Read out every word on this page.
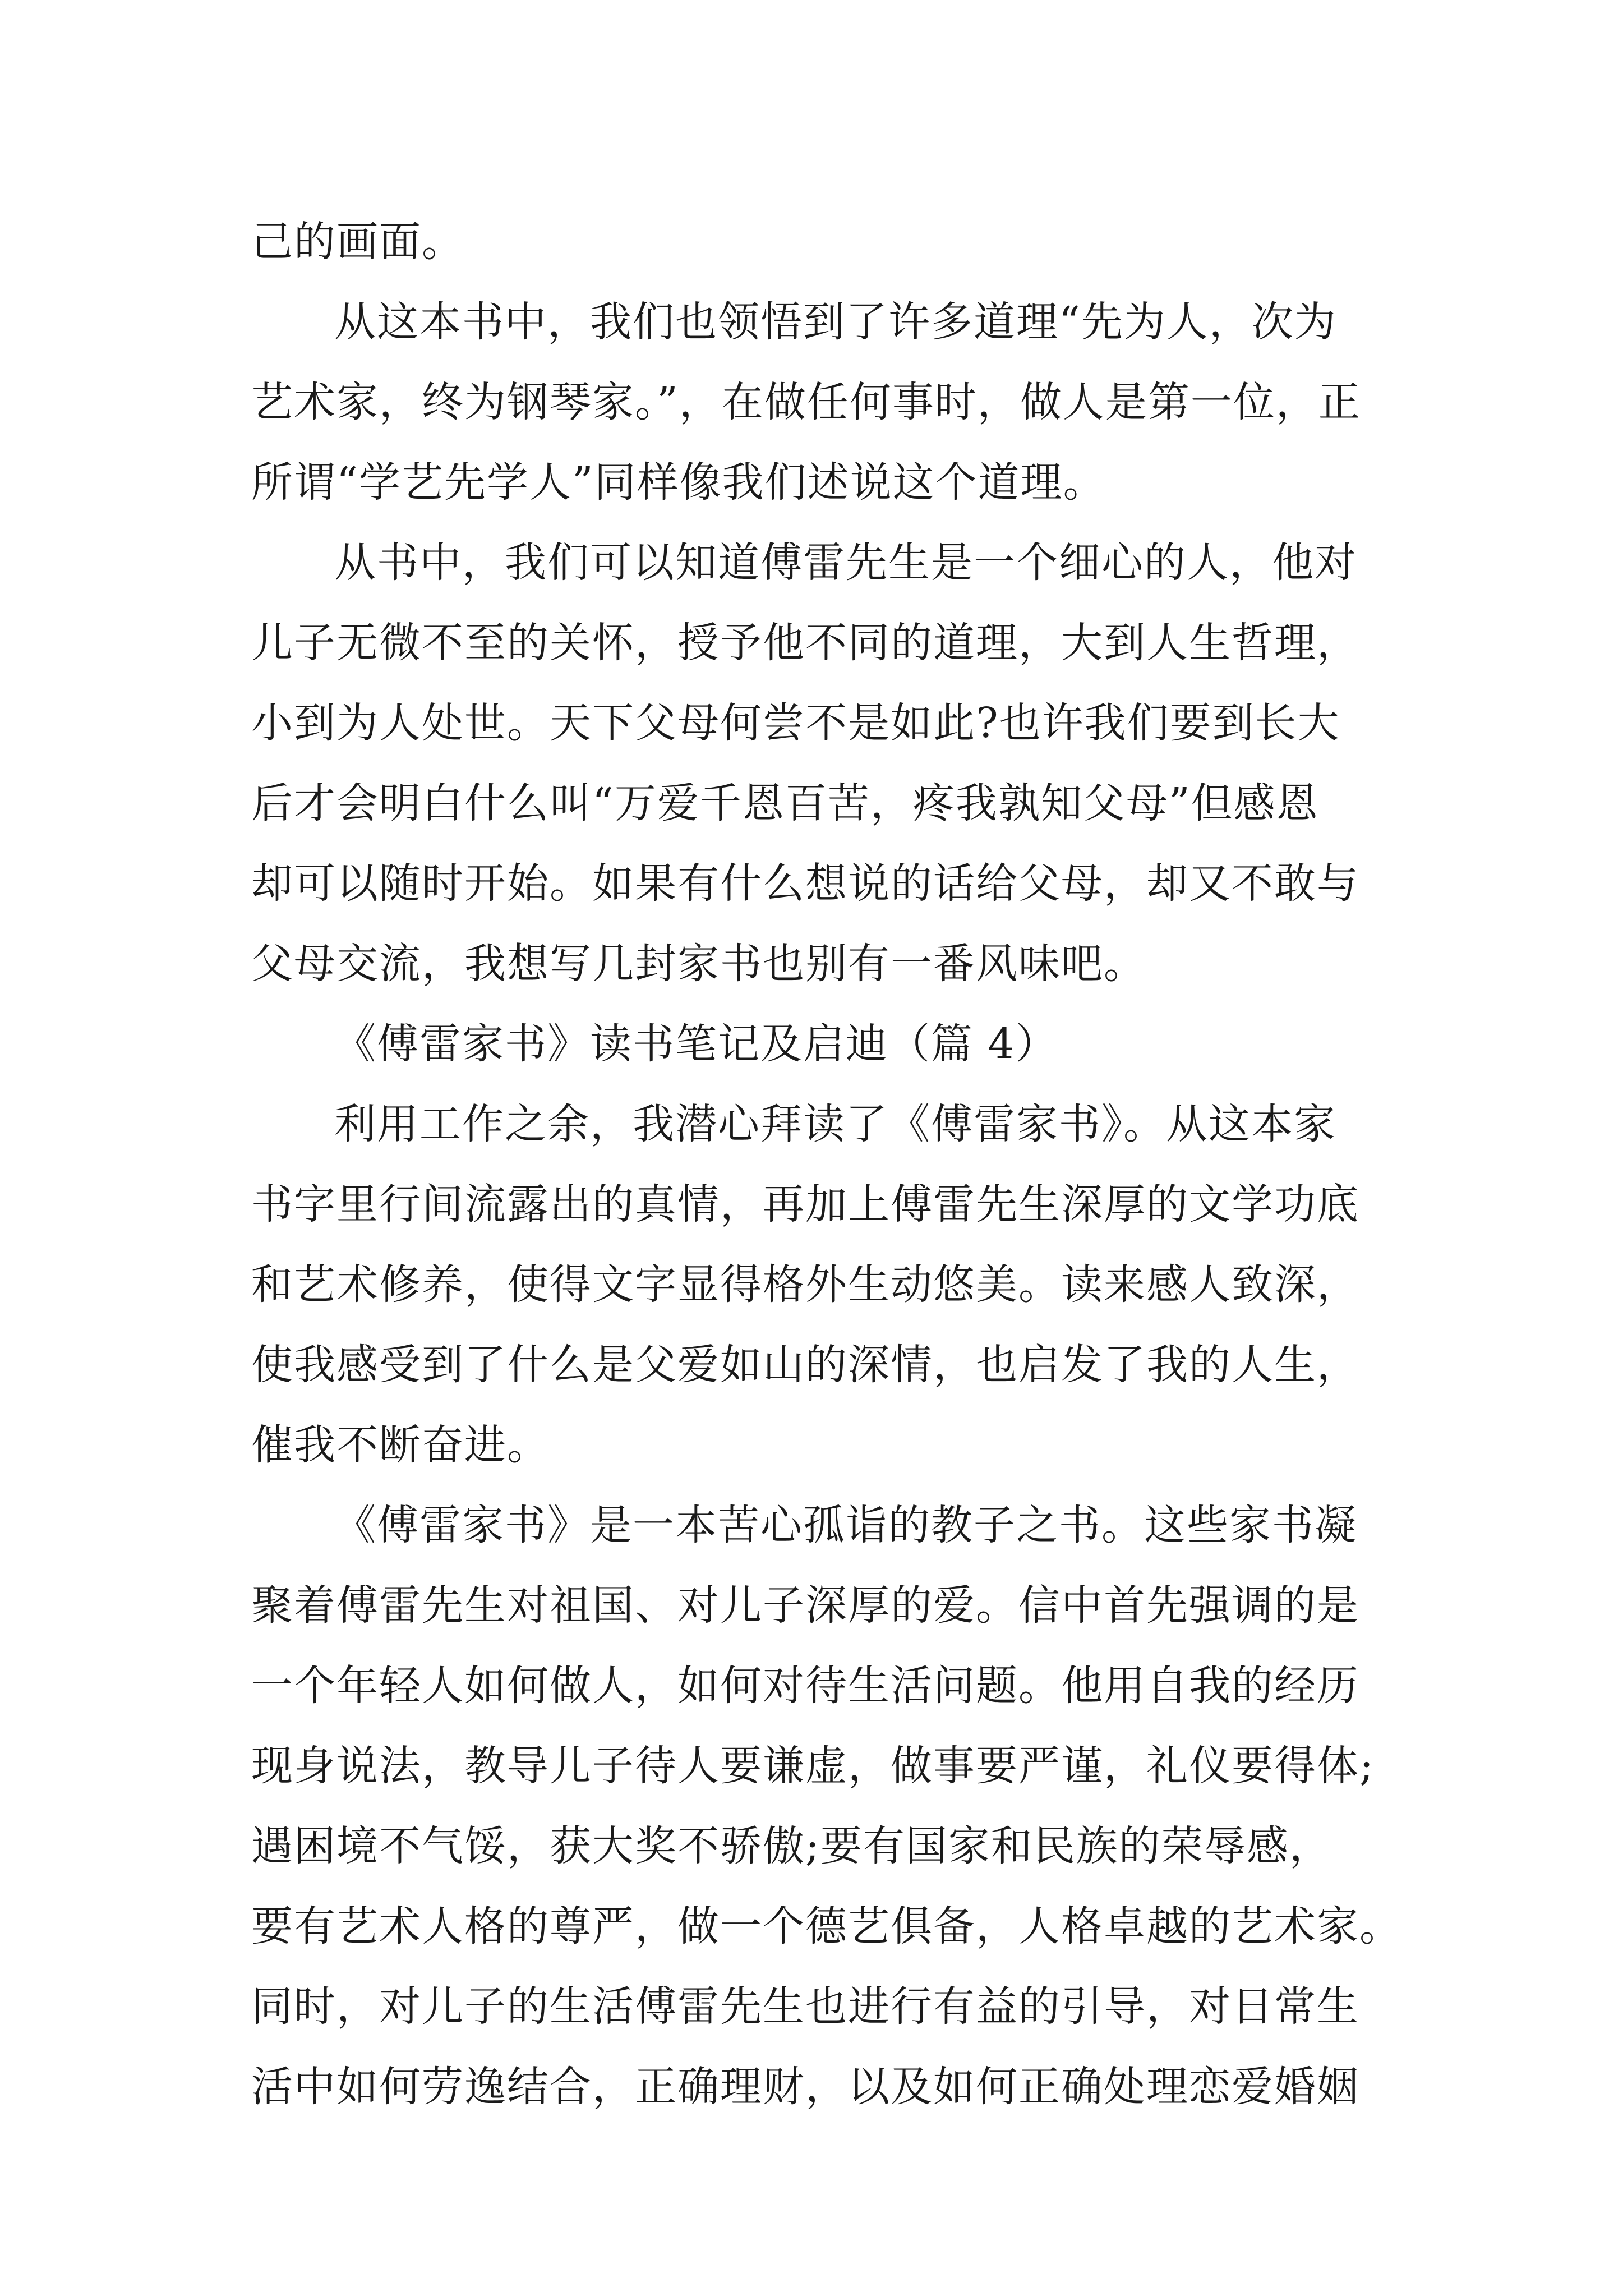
己的画面。
从这本书中，我们也领悟到了许多道理“先为人，次为
艺术家，终为钢琴家。”，在做任何事时，做人是第一位，正
所谓“学艺先学人”同样像我们述说这个道理。
从书中，我们可以知道傅雷先生是一个细心的人，他对
儿子无微不至的关怀，授予他不同的道理，大到人生哲理，
小到为人处世。天下父母何尝不是如此?也许我们要到长大
后才会明白什么叫“万爱千恩百苦，疼我孰知父母”但感恩
却可以随时开始。如果有什么想说的话给父母，却又不敢与
父母交流，我想写几封家书也别有一番风味吧。
《傅雷家书》读书笔记及启迪（篇 4）
利用工作之余，我潜心拜读了《傅雷家书》。从这本家
书字里行间流露出的真情，再加上傅雷先生深厚的文学功底
和艺术修养，使得文字显得格外生动悠美。读来感人致深，
使我感受到了什么是父爱如山的深情，也启发了我的人生，
催我不断奋进。
《傅雷家书》是一本苦心孤诣的教子之书。这些家书凝
聚着傅雷先生对祖国、对儿子深厚的爱。信中首先强调的是
一个年轻人如何做人，如何对待生活问题。他用自我的经历
现身说法，教导儿子待人要谦虚，做事要严谨，礼仪要得体;
遇困境不气馁，获大奖不骄傲;要有国家和民族的荣辱感，
要有艺术人格的尊严，做一个德艺俱备，人格卓越的艺术家。
同时，对儿子的生活傅雷先生也进行有益的引导，对日常生
活中如何劳逸结合，正确理财，以及如何正确处理恋爱婚姻
